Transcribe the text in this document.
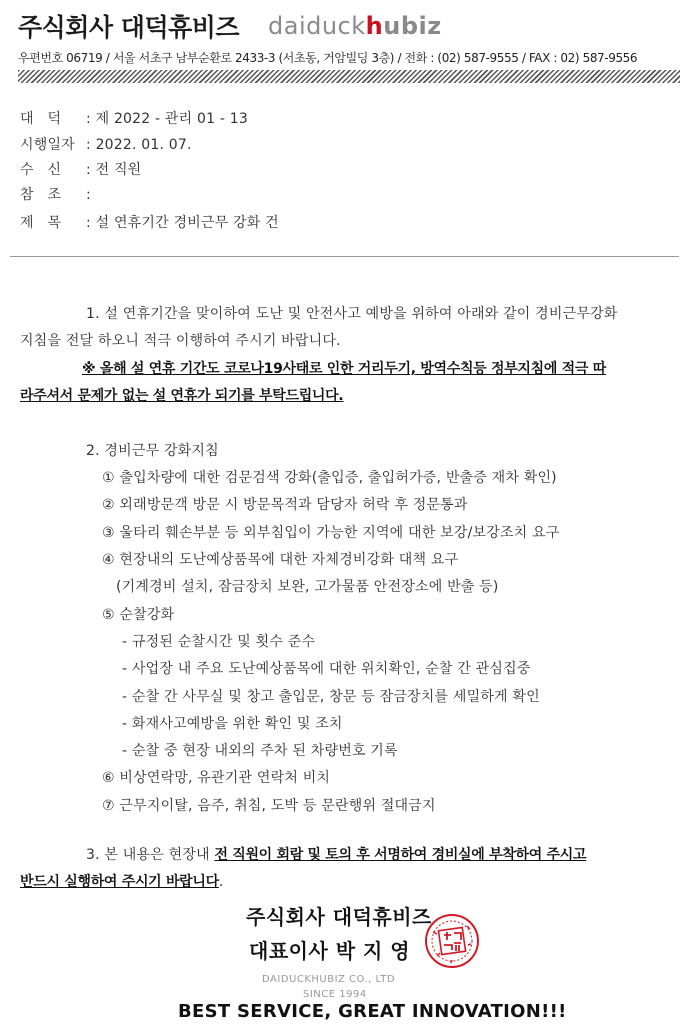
주식회사 대덕휴비즈 daiduckhubiz
우편번호 06719 / 서울 서초구 남부순환로 2433-3 (서초동, 거암빌딩 3층) / 전화 : (02) 587-9555 / FAX : 02) 587-9556
대덕 : 제 2022 - 관리 01 - 13
시행일자 : 2022. 01. 07.
수신 : 전 직원
참조 :
제목 : 설 연휴기간 경비근무 강화 건
1. 설 연휴기간을 맞이하여 도난 및 안전사고 예방을 위하여 아래와 같이 경비근무강화
지침을 전달 하오니 적극 이행하여 주시기 바랍니다.
※ 올해 설 연휴 기간도 코로나19사태로 인한 거리두기, 방역수칙등 정부지침에 적극 따
라주셔서 문제가 없는 설 연휴가 되기를 부탁드립니다.
2. 경비근무 강화지침
① 출입차량에 대한 검문검색 강화(출입증, 출입허가증, 반출증 재차 확인)
② 외래방문객 방문 시 방문목적과 담당자 허락 후 정문통과
③ 울타리 훼손부분 등 외부침입이 가능한 지역에 대한 보강/보강조치 요구
④ 현장내의 도난예상품목에 대한 자체경비강화 대책 요구
(기계경비 설치, 잠금장치 보완, 고가물품 안전장소에 반출 등)
⑤ 순찰강화
- 규정된 순찰시간 및 횟수 준수
- 사업장 내 주요 도난예상품목에 대한 위치확인, 순찰 간 관심집중
- 순찰 간 사무실 및 창고 출입문, 창문 등 잠금장치를 세밀하게 확인
- 화재사고예방을 위한 확인 및 조치
- 순찰 중 현장 내외의 주차 된 차량번호 기록
⑥ 비상연락망, 유관기관 연락처 비치
⑦ 근무지이탈, 음주, 취침, 도박 등 문란행위 절대금지
3. 본 내용은 현장내 전 직원이 회람 및 토의 후 서명하여 경비실에 부착하여 주시고
반드시 실행하여 주시기 바랍니다.
주식회사 대덕휴비즈
대표이사 박 지 영
DAIDUCKHUBIZ CO., LTD
SINCE 1994
BEST SERVICE, GREAT INNOVATION!!!
